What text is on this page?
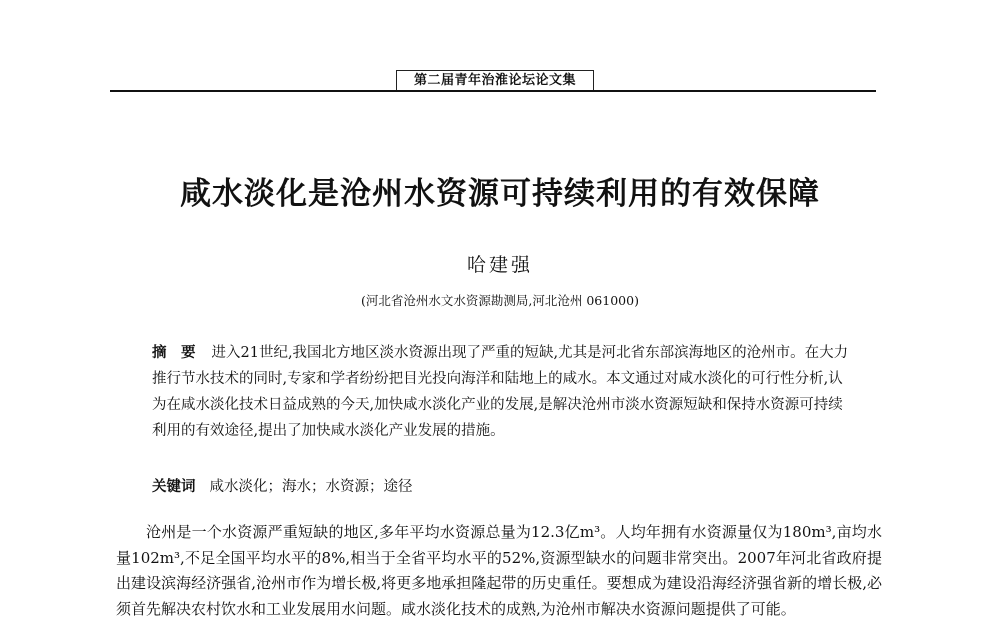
第二届青年治淮论坛论文集
咸水淡化是沧州水资源可持续利用的有效保障
哈建强
(河北省沧州水文水资源勘测局,河北沧州 061000)
摘　要 进入21世纪,我国北方地区淡水资源出现了严重的短缺,尤其是河北省东部滨海地区的沧州市。在大力推行节水技术的同时,专家和学者纷纷把目光投向海洋和陆地上的咸水。本文通过对咸水淡化的可行性分析,认为在咸水淡化技术日益成熟的今天,加快咸水淡化产业的发展,是解决沧州市淡水资源短缺和保持水资源可持续利用的有效途径,提出了加快咸水淡化产业发展的措施。
关键词 咸水淡化；海水；水资源；途径
沧州是一个水资源严重短缺的地区,多年平均水资源总量为12.3亿m³。人均年拥有水资源量仅为180m³,亩均水量102m³,不足全国平均水平的8%,相当于全省平均水平的52%,资源型缺水的问题非常突出。2007年河北省政府提出建设滨海经济强省,沧州市作为增长极,将更多地承担隆起带的历史重任。要想成为建设沿海经济强省新的增长极,必须首先解决农村饮水和工业发展用水问题。咸水淡化技术的成熟,为沧州市解决水资源问题提供了可能。
